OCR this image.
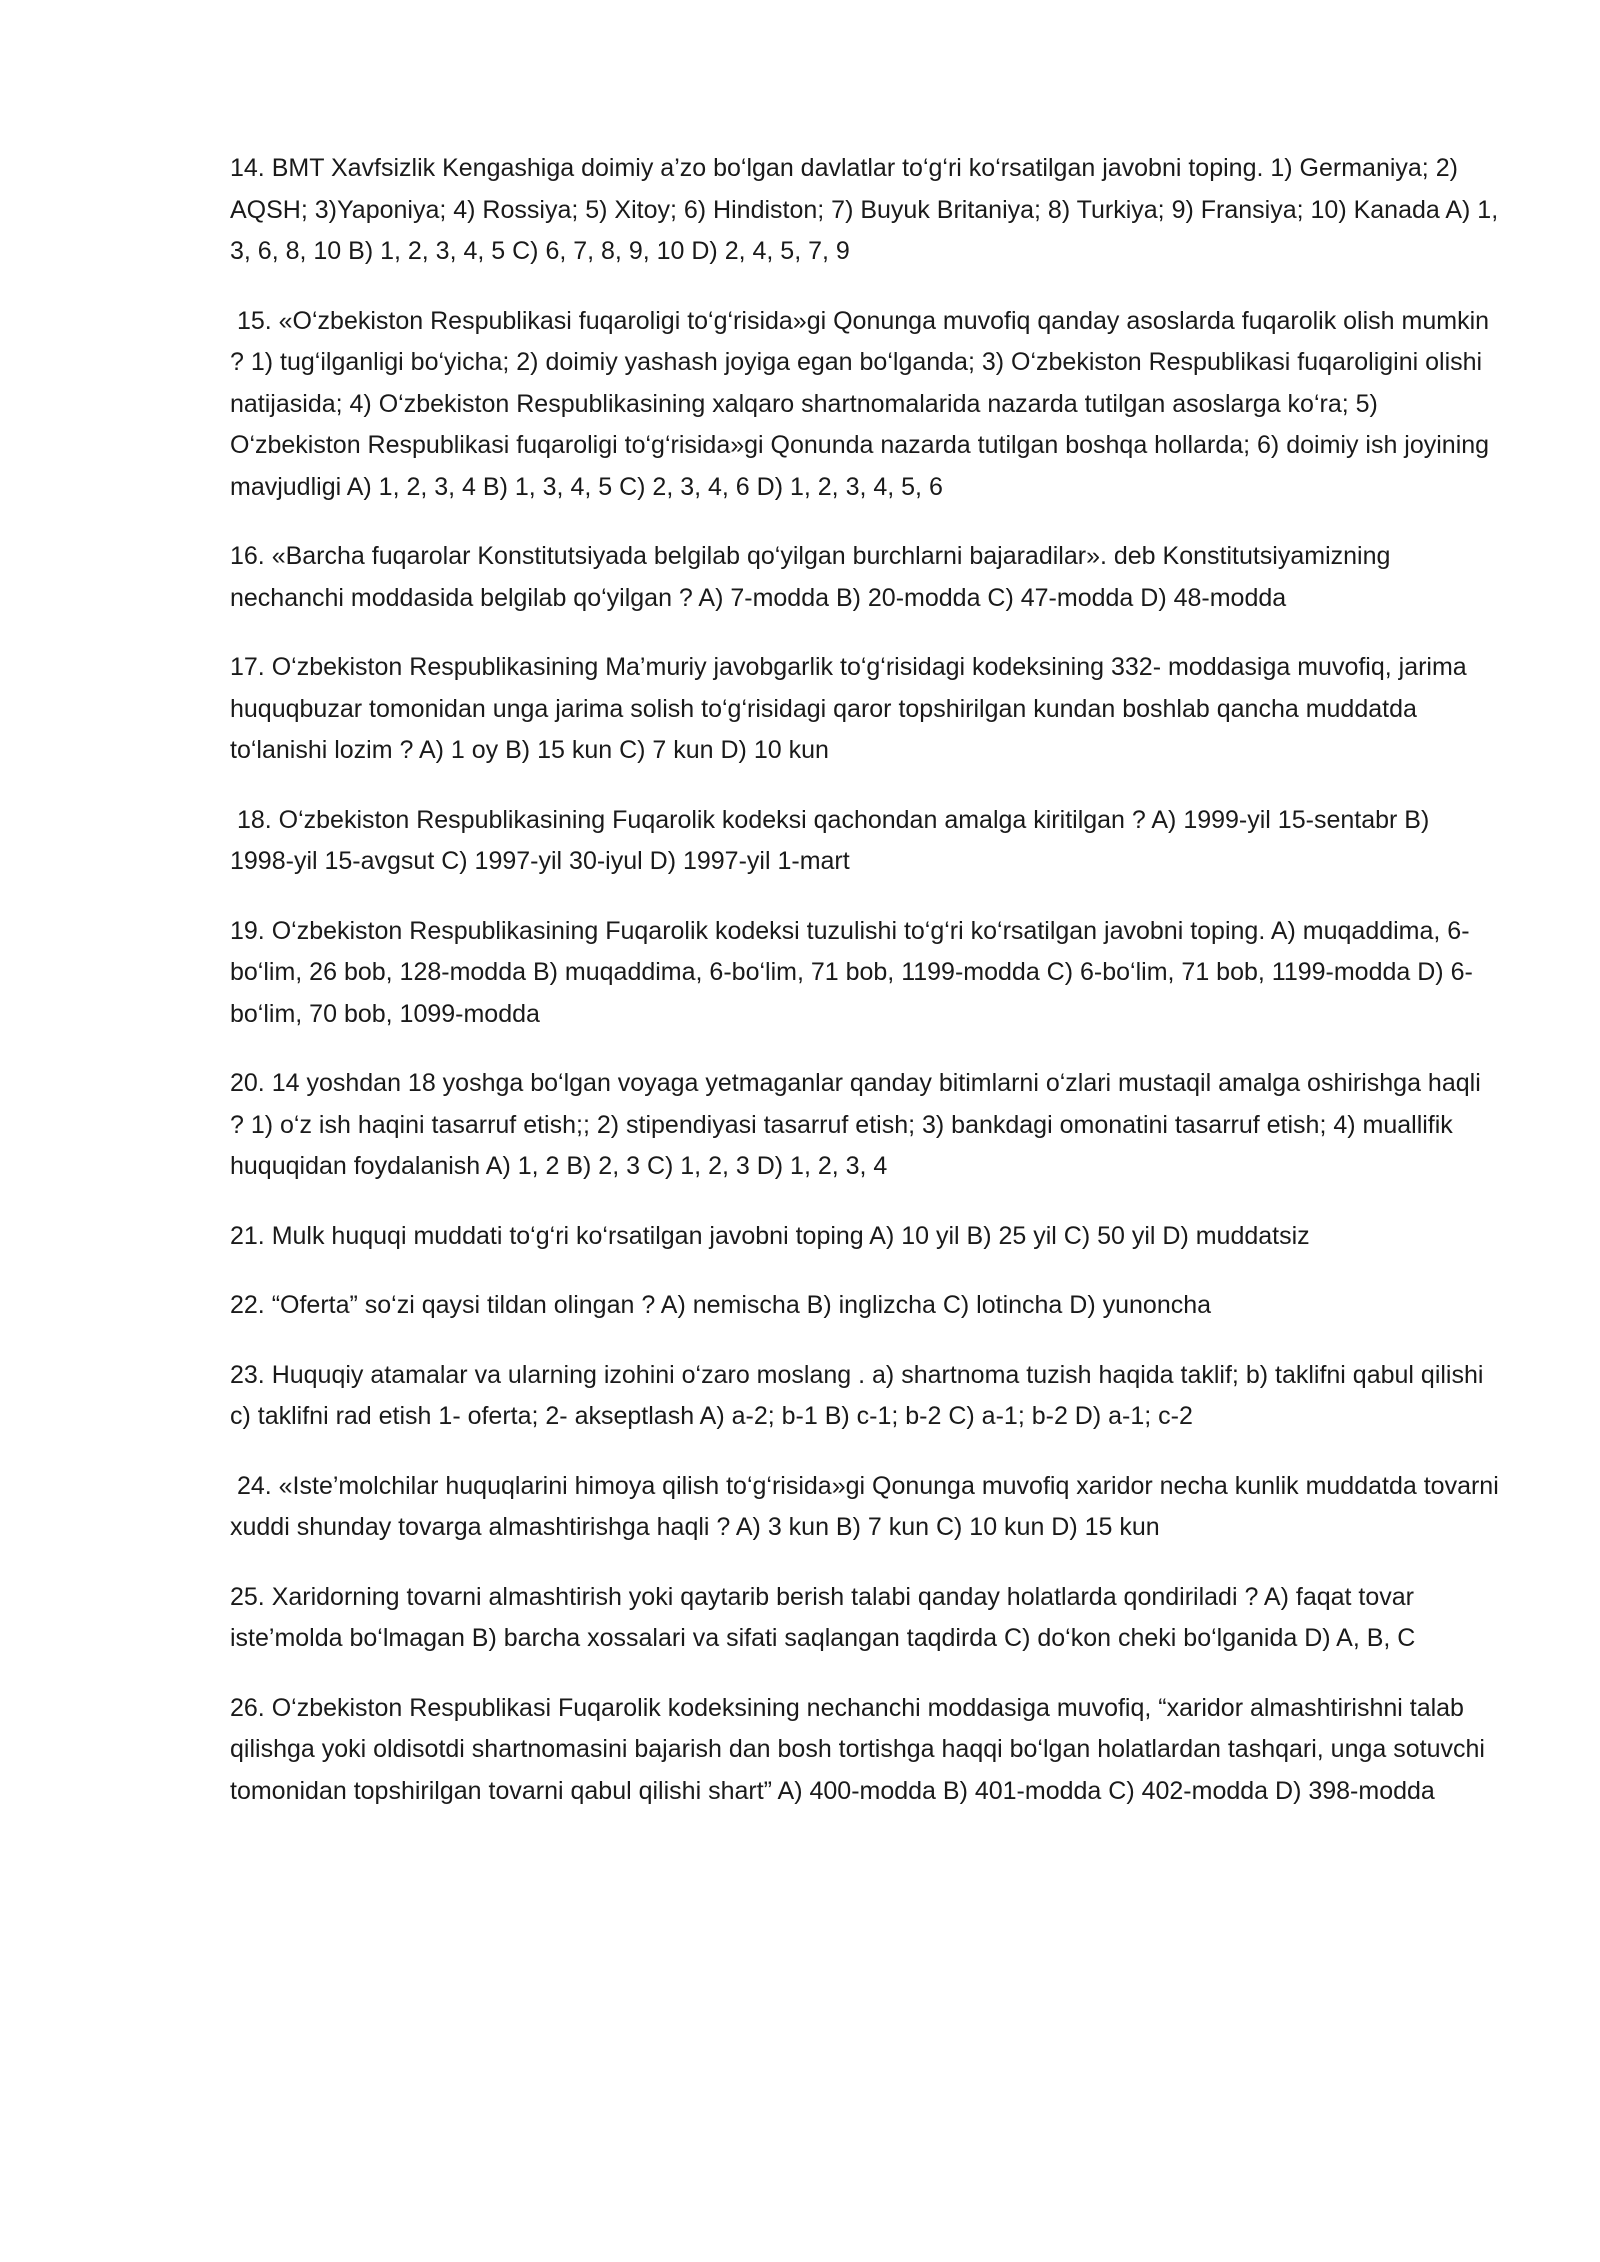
14. BMT Xavfsizlik Kengashiga doimiy a’zo bo‘lgan davlatlar to‘g‘ri ko‘rsatilgan javobni toping. 1) Germaniya; 2) AQSH; 3)Yaponiya; 4) Rossiya; 5) Xitoy; 6) Hindiston; 7) Buyuk Britaniya; 8) Turkiya; 9) Fransiya; 10) Kanada A) 1, 3, 6, 8, 10 B) 1, 2, 3, 4, 5 C) 6, 7, 8, 9, 10 D) 2, 4, 5, 7, 9

15. «O‘zbekiston Respublikasi fuqaroligi to‘g‘risida»gi Qonunga muvofiq qanday asoslarda fuqarolik olish mumkin ? 1) tug‘ilganligi bo‘yicha; 2) doimiy yashash joyiga egan bo‘lganda; 3) O‘zbekiston Respublikasi fuqaroligini olishi natijasida; 4) O‘zbekiston Respublikasining xalqaro shartnomalarida nazarda tutilgan asoslarga ko‘ra; 5) O‘zbekiston Respublikasi fuqaroligi to‘g‘risida»gi Qonunda nazarda tutilgan boshqa hollarda; 6) doimiy ish joyining mavjudligi A) 1, 2, 3, 4 B) 1, 3, 4, 5 C) 2, 3, 4, 6 D) 1, 2, 3, 4, 5, 6

16. «Barcha fuqarolar Konstitutsiyada belgilab qo‘yilgan burchlarni bajaradilar». deb Konstitutsiyamizning nechanchi moddasida belgilab qo‘yilgan ? A) 7-modda B) 20-modda C) 47-modda D) 48-modda

17. O‘zbekiston Respublikasining Ma’muriy javobgarlik to‘g‘risidagi kodeksining 332- moddasiga muvofiq, jarima huquqbuzar tomonidan unga jarima solish to‘g‘risidagi qaror topshirilgan kundan boshlab qancha muddatda to‘lanishi lozim ? A) 1 oy B) 15 kun C) 7 kun D) 10 kun

18. O‘zbekiston Respublikasining Fuqarolik kodeksi qachondan amalga kiritilgan ? A) 1999-yil 15-sentabr B) 1998-yil 15-avgsut C) 1997-yil 30-iyul D) 1997-yil 1-mart

19. O‘zbekiston Respublikasining Fuqarolik kodeksi tuzulishi to‘g‘ri ko‘rsatilgan javobni toping. A) muqaddima, 6-bo‘lim, 26 bob, 128-modda B) muqaddima, 6-bo‘lim, 71 bob, 1199-modda C) 6-bo‘lim, 71 bob, 1199-modda D) 6-bo‘lim, 70 bob, 1099-modda

20. 14 yoshdan 18 yoshga bo‘lgan voyaga yetmaganlar qanday bitimlarni o‘zlari mustaqil amalga oshirishga haqli ? 1) o‘z ish haqini tasarruf etish;; 2) stipendiyasi tasarruf etish; 3) bankdagi omonatini tasarruf etish; 4) muallifik huquqidan foydalanish A) 1, 2 B) 2, 3 C) 1, 2, 3 D) 1, 2, 3, 4

21. Mulk huquqi muddati to‘g‘ri ko‘rsatilgan javobni toping A) 10 yil B) 25 yil C) 50 yil D) muddatsiz

22. “Oferta” so‘zi qaysi tildan olingan ? A) nemischa B) inglizcha C) lotincha D) yunoncha

23. Huquqiy atamalar va ularning izohini o‘zaro moslang . a) shartnoma tuzish haqida taklif; b) taklifni qabul qilishi c) taklifni rad etish 1- oferta; 2- akseptlash A) a-2; b-1 B) c-1; b-2 C) a-1; b-2 D) a-1; c-2

24. «Iste’molchilar huquqlarini himoya qilish to‘g‘risida»gi Qonunga muvofiq xaridor necha kunlik muddatda tovarni xuddi shunday tovarga almashtirishga haqli ? A) 3 kun B) 7 kun C) 10 kun D) 15 kun

25. Xaridorning tovarni almashtirish yoki qaytarib berish talabi qanday holatlarda qondiriladi ? A) faqat tovar iste’molda bo‘lmagan B) barcha xossalari va sifati saqlangan taqdirda C) do‘kon cheki bo‘lganida D) A, B, C

26. O‘zbekiston Respublikasi Fuqarolik kodeksining nechanchi moddasiga muvofiq, “xaridor almashtirishni talab qilishga yoki oldisotdi shartnomasini bajarish dan bosh tortishga haqqi bo‘lgan holatlardan tashqari, unga sotuvchi tomonidan topshirilgan tovarni qabul qilishi shart” A) 400-modda B) 401-modda C) 402-modda D) 398-modda
